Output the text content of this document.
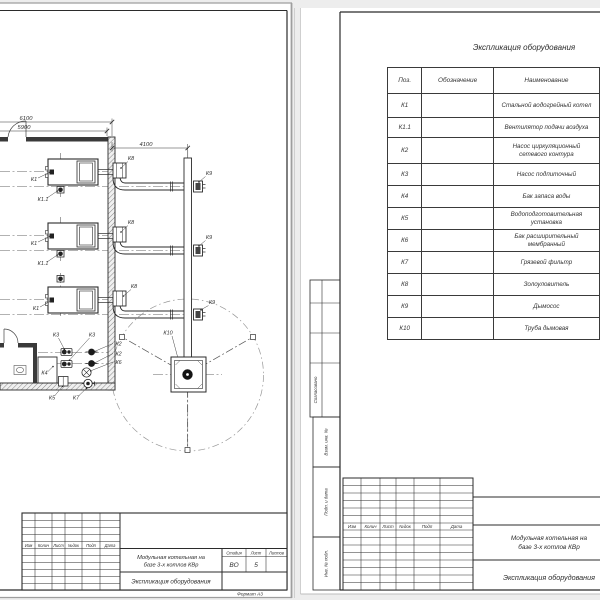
6100
5900
4100
К1
К1
К1
К1.1
К1.1
К8
К8
К8
К9
К9
К9
К10
К3	К3
К2
К2
К6
К4
К5	К7
Изм Колич Лист №док Подп Дата
Стадия Лист Листов
Модульная котельная на
базе 3-х котлов КВр	ВО 5
Экспликация оборудования
Формат А3
Экспликация оборудования
Согласовано
Взам. инв. №
Подп. и дата
Инв. № подл.
Изм Колич Лист №док Подп	Дата
Модульная котельная на
базе 3-х котлов КВр
Экспликация оборудования
Поз.	Обозначение	Наименование
К1		Стальной водогрейный котел
К1.1		Вентилятор подачи воздуха
К2		Насос циркуляционный сетевого контура
К3		Насос подпиточный
К4		Бак запаса воды
К5		Водоподготовительная установка
К6		Бак расширительный мембранный
К7		Грязевой фильтр
К8		Золоуловитель
К9		Дымосос
К10		Труба дымовая
